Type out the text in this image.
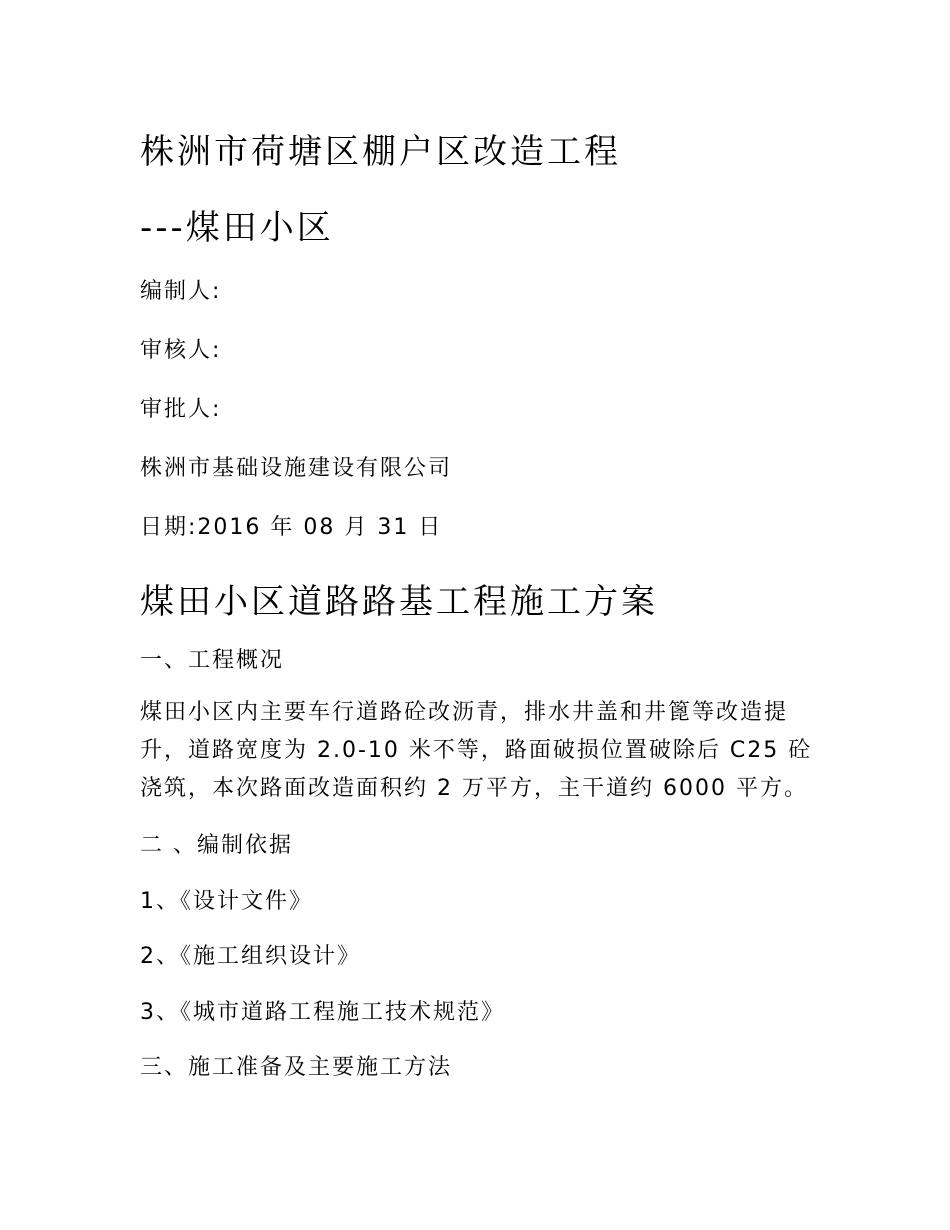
株洲市荷塘区棚户区改造工程
---煤田小区
编制人:
审核人:
审批人:
株洲市基础设施建设有限公司
日期:2016 年 08 月 31 日
煤田小区道路路基工程施工方案
一、工程概况
煤田小区内主要车行道路砼改沥青，排水井盖和井篦等改造提
升，道路宽度为 2.0-10 米不等，路面破损位置破除后 C25 砼
浇筑，本次路面改造面积约 2 万平方，主干道约 6000 平方。
二 、编制依据
1、《设计文件》
2、《施工组织设计》
3、《城市道路工程施工技术规范》
三、施工准备及主要施工方法
